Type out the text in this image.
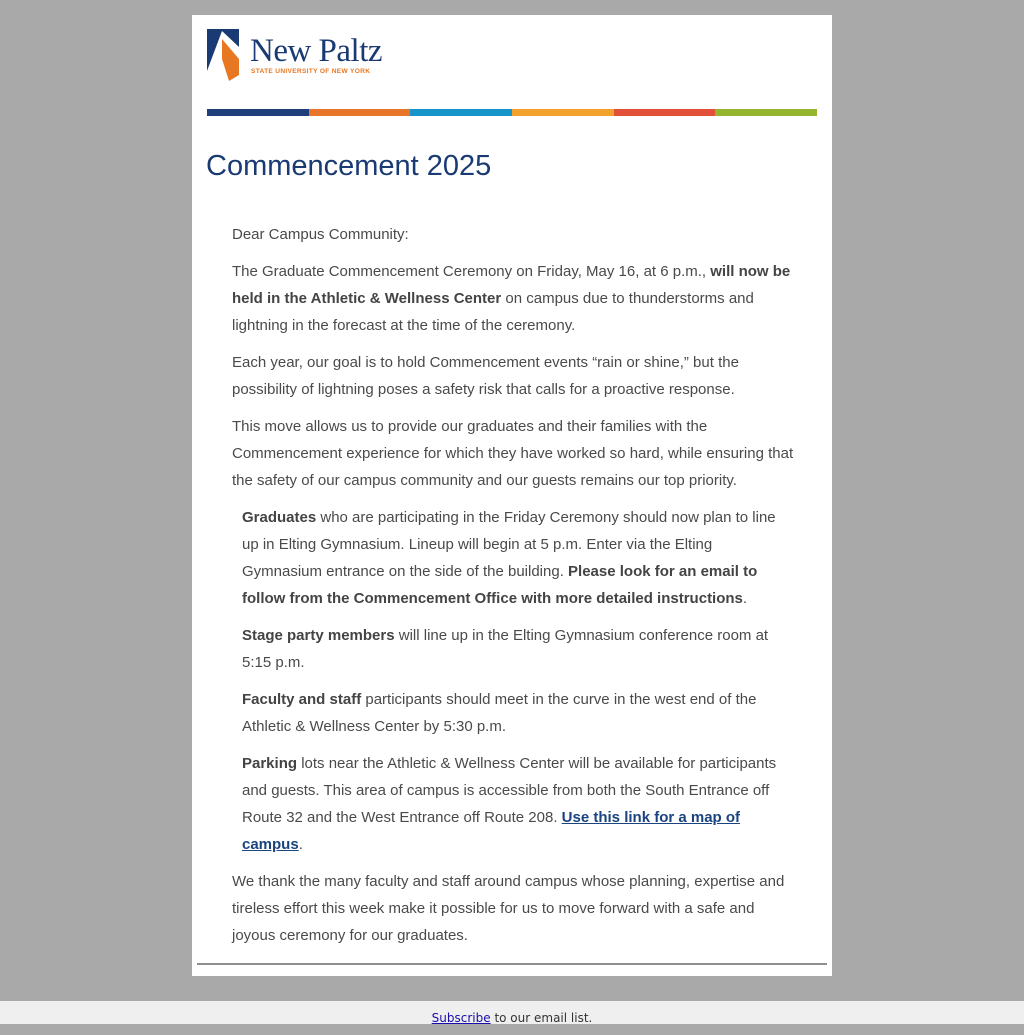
New Paltz
STATE UNIVERSITY OF NEW YORK
Commencement 2025

Dear Campus Community:

The Graduate Commencement Ceremony on Friday, May 16, at 6 p.m., will now be held in the Athletic & Wellness Center on campus due to thunderstorms and lightning in the forecast at the time of the ceremony.

Each year, our goal is to hold Commencement events “rain or shine,” but the possibility of lightning poses a safety risk that calls for a proactive response.

This move allows us to provide our graduates and their families with the Commencement experience for which they have worked so hard, while ensuring that the safety of our campus community and our guests remains our top priority.

Graduates who are participating in the Friday Ceremony should now plan to line up in Elting Gymnasium. Lineup will begin at 5 p.m. Enter via the Elting Gymnasium entrance on the side of the building. Please look for an email to follow from the Commencement Office with more detailed instructions.

Stage party members will line up in the Elting Gymnasium conference room at 5:15 p.m.

Faculty and staff participants should meet in the curve in the west end of the Athletic & Wellness Center by 5:30 p.m.

Parking lots near the Athletic & Wellness Center will be available for participants and guests. This area of campus is accessible from both the South Entrance off Route 32 and the West Entrance off Route 208. Use this link for a map of campus.

We thank the many faculty and staff around campus whose planning, expertise and tireless effort this week make it possible for us to move forward with a safe and joyous ceremony for our graduates.

Subscribe to our email list.
